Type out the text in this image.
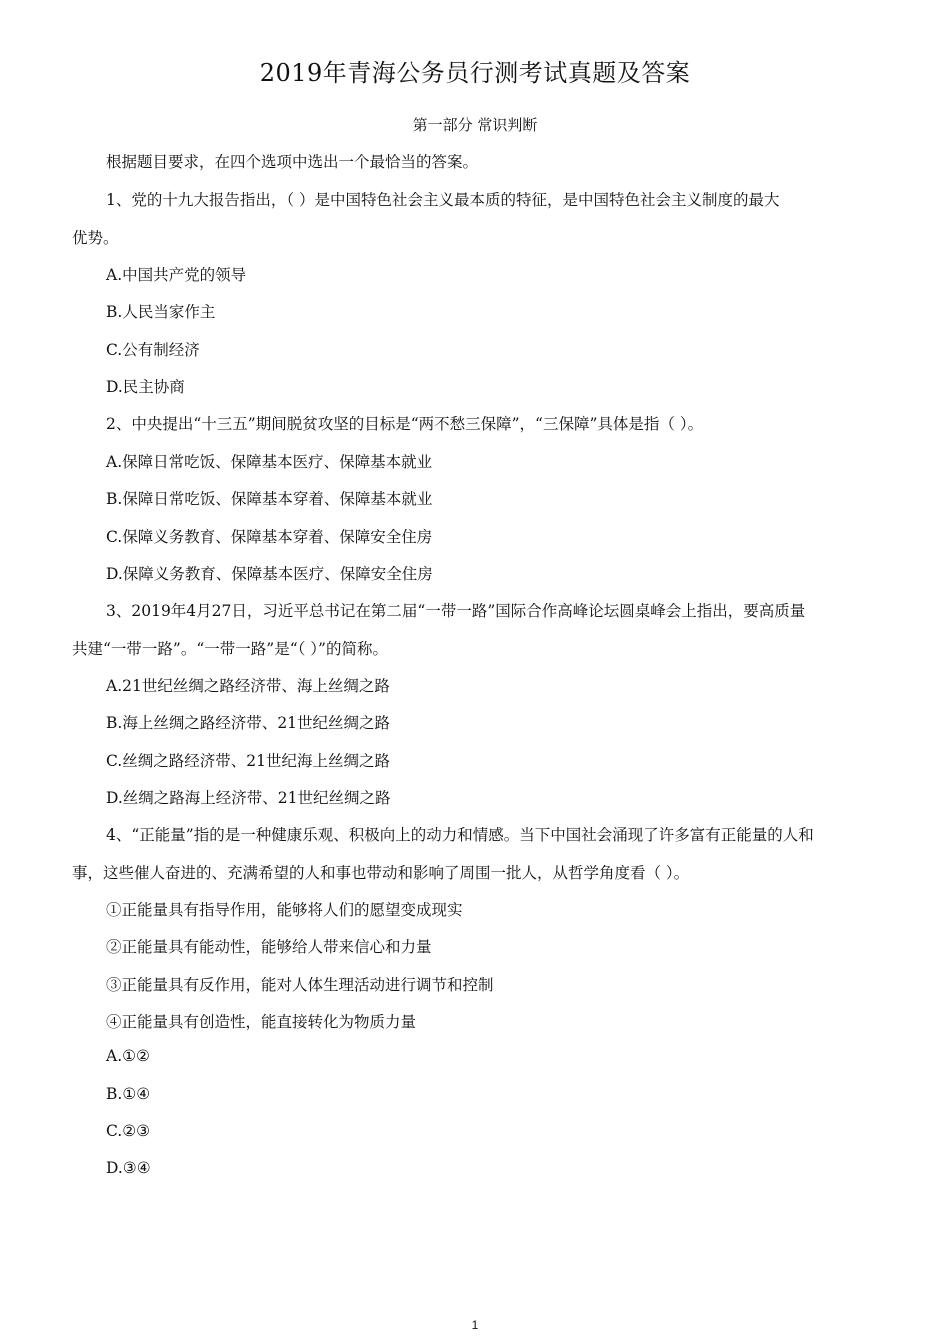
2019年青海公务员行测考试真题及答案
第一部分 常识判断
根据题目要求，在四个选项中选出一个最恰当的答案。
1、党的十九大报告指出，（ ）是中国特色社会主义最本质的特征，是中国特色社会主义制度的最大
优势。
A.中国共产党的领导
B.人民当家作主
C.公有制经济
D.民主协商
2、中央提出“十三五”期间脱贫攻坚的目标是“两不愁三保障”，“三保障”具体是指（ ）。
A.保障日常吃饭、保障基本医疗、保障基本就业
B.保障日常吃饭、保障基本穿着、保障基本就业
C.保障义务教育、保障基本穿着、保障安全住房
D.保障义务教育、保障基本医疗、保障安全住房
3、2019年4月27日，习近平总书记在第二届“一带一路”国际合作高峰论坛圆桌峰会上指出，要高质量
共建“一带一路”。“一带一路”是“（ ）”的简称。
A.21世纪丝绸之路经济带、海上丝绸之路
B.海上丝绸之路经济带、21世纪丝绸之路
C.丝绸之路经济带、21世纪海上丝绸之路
D.丝绸之路海上经济带、21世纪丝绸之路
4、“正能量”指的是一种健康乐观、积极向上的动力和情感。当下中国社会涌现了许多富有正能量的人和
事，这些催人奋进的、充满希望的人和事也带动和影响了周围一批人，从哲学角度看（ ）。
①正能量具有指导作用，能够将人们的愿望变成现实
②正能量具有能动性，能够给人带来信心和力量
③正能量具有反作用，能对人体生理活动进行调节和控制
④正能量具有创造性，能直接转化为物质力量
A.①②
B.①④
C.②③
D.③④
1
